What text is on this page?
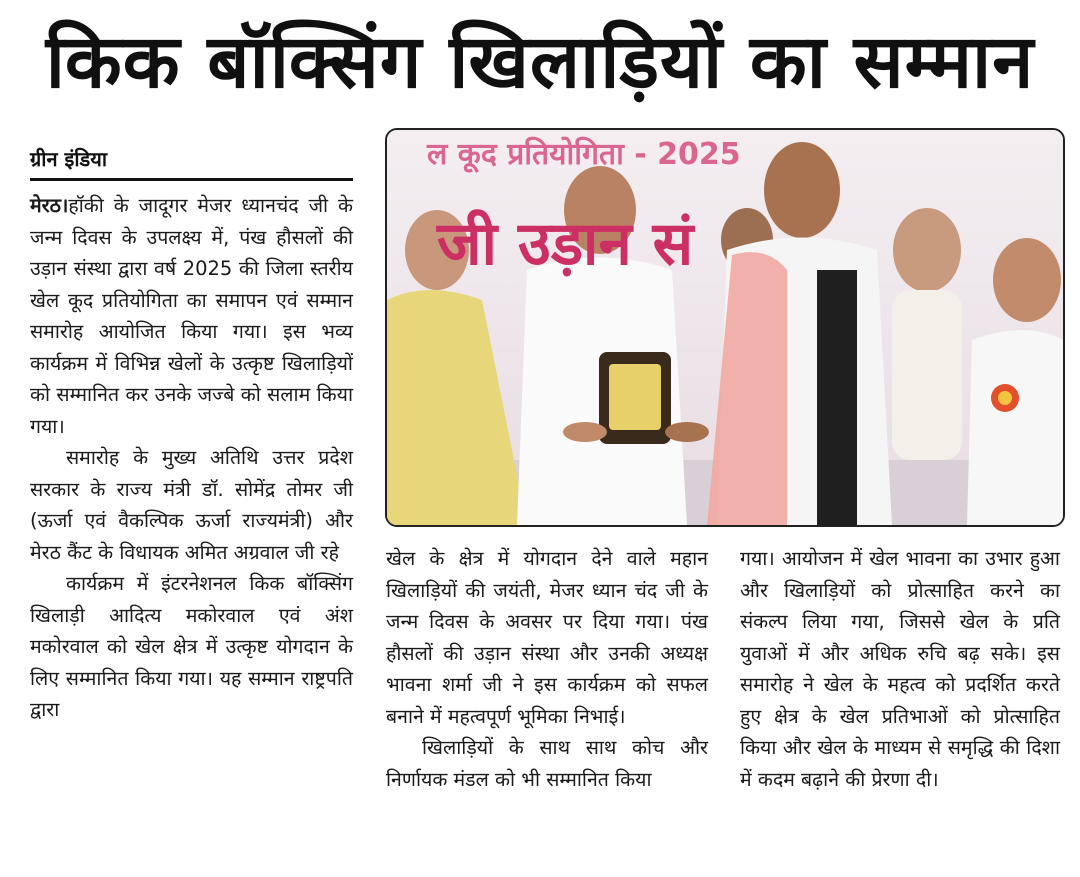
किक बॉक्सिंग खिलाड़ियों का सम्मान
ग्रीन इंडिया

मेरठ।हॉकी के जादूगर मेजर ध्यानचंद जी के जन्म दिवस के उपलक्ष्य में, पंख हौसलों की उड़ान संस्था द्वारा वर्ष 2025 की जिला स्तरीय खेल कूद प्रतियोगिता का समापन एवं सम्मान समारोह आयोजित किया गया। इस भव्य कार्यक्रम में विभिन्न खेलों के उत्कृष्ट खिलाड़ियों को सम्मानित कर उनके जज्बे को सलाम किया गया।

समारोह के मुख्य अतिथि उत्तर प्रदेश सरकार के राज्य मंत्री डॉ. सोमेंद्र तोमर जी (ऊर्जा एवं वैकल्पिक ऊर्जा राज्यमंत्री) और मेरठ कैंट के विधायक अमित अग्रवाल जी रहे

कार्यक्रम में इंटरनेशनल किक बॉक्सिंग खिलाड़ी आदित्य मकोरवाल एवं अंश मकोरवाल को खेल क्षेत्र में उत्कृष्ट योगदान के लिए सम्मानित किया गया। यह सम्मान राष्ट्रपति द्वारा

ल कूद प्रतियोगिता - 2025
जी उड़ान सं

खेल के क्षेत्र में योगदान देने वाले महान खिलाड़ियों की जयंती, मेजर ध्यान चंद जी के जन्म दिवस के अवसर पर दिया गया। पंख हौसलों की उड़ान संस्था और उनकी अध्यक्ष भावना शर्मा जी ने इस कार्यक्रम को सफल बनाने में महत्वपूर्ण भूमिका निभाई।

खिलाड़ियों के साथ साथ कोच और निर्णायक मंडल को भी सम्मानित किया

गया। आयोजन में खेल भावना का उभार हुआ और खिलाड़ियों को प्रोत्साहित करने का संकल्प लिया गया, जिससे खेल के प्रति युवाओं में और अधिक रुचि बढ़ सके। इस समारोह ने खेल के महत्व को प्रदर्शित करते हुए क्षेत्र के खेल प्रतिभाओं को प्रोत्साहित किया और खेल के माध्यम से समृद्धि की दिशा में कदम बढ़ाने की प्रेरणा दी।
